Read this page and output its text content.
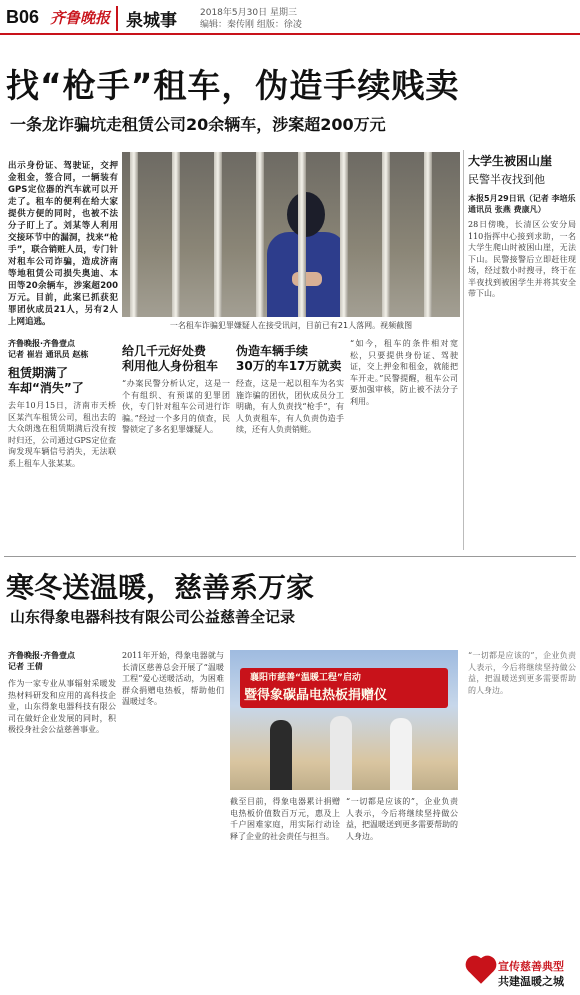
B06 齐鲁晚报 泉城事	2018年5月30日 星期三
编辑：秦传刚 组版：徐凌
找“枪手”租车，伪造手续贱卖
一条龙诈骗坑走租赁公司20余辆车，涉案超200万元
出示身份证、驾驶证，交押金租金，签合同，一辆装有GPS定位器的汽车就可以开走了。租车的便利在给大家提供方便的同时，也被不法分子盯上了。刘某等人利用交接环节中的漏洞，找来“枪手”，联合销赃人员，专门针对租车公司诈骗，造成济南等地租赁公司损失奥迪、本田等20余辆车，涉案超200万元。目前，此案已抓获犯罪团伙成员21人，另有2人上网追逃。	一名租车诈骗犯罪嫌疑人在接受讯问，目前已有21人落网。视频截图
大学生被困山崖
民警半夜找到他
本报5月29日讯（记者 李培乐 通讯员 张燕 费康凡）
28日傍晚，长清区公安分局110指挥中心接到求助，一名大学生爬山时被困山崖，无法下山。民警接警后立即赶往现场，经过数小时搜寻，终于在半夜找到被困学生并将其安全带下山。
齐鲁晚报·齐鲁壹点
记者 崔岩 通讯员 赵栋
租赁期满了
车却“消失”了
去年10月15日，济南市天桥区某汽车租赁公司，租出去的大众朗逸在租赁期满后没有按时归还，公司通过GPS定位查询发现车辆信号消失，无法联系上租车人张某某。
给几千元好处费
利用他人身份租车
“办案民警分析认定，这是一个有组织、有预谋的犯罪团伙，专门针对租车公司进行诈骗。”经过一个多月的侦查，民警锁定了多名犯罪嫌疑人。
伪造车辆手续
30万的车17万就卖
经查，这是一起以租车为名实施诈骗的团伙，团伙成员分工明确，有人负责找“枪手”，有人负责租车，有人负责伪造手续，还有人负责销赃。
“如今，租车的条件相对宽松，只要提供身份证、驾驶证，交上押金和租金，就能把车开走。”民警提醒，租车公司要加强审核，防止被不法分子利用。
寒冬送温暖，慈善系万家
山东得象电器科技有限公司公益慈善全记录
齐鲁晚报·齐鲁壹点
记者 王倩
作为一家专业从事辐射采暖发热材料研发和应用的高科技企业，山东得象电器科技有限公司在做好企业发展的同时，积极投身社会公益慈善事业。
2011年开始，得象电器就与长清区慈善总会开展了“温暖工程”爱心送暖活动，为困难群众捐赠电热板，帮助他们温暖过冬。
襄阳市慈善“温暖工程”启动
暨得象碳晶电热板捐赠仪
截至目前，得象电器累计捐赠电热板价值数百万元，惠及上千户困难家庭，用实际行动诠释了企业的社会责任与担当。
“一切都是应该的”，企业负责人表示，今后将继续坚持做公益，把温暖送到更多需要帮助的人身边。
“一切都是应该的”，企业负责人表示，今后将继续坚持做公益，把温暖送到更多需要帮助的人身边。
宣传慈善典型
共建温暖之城
